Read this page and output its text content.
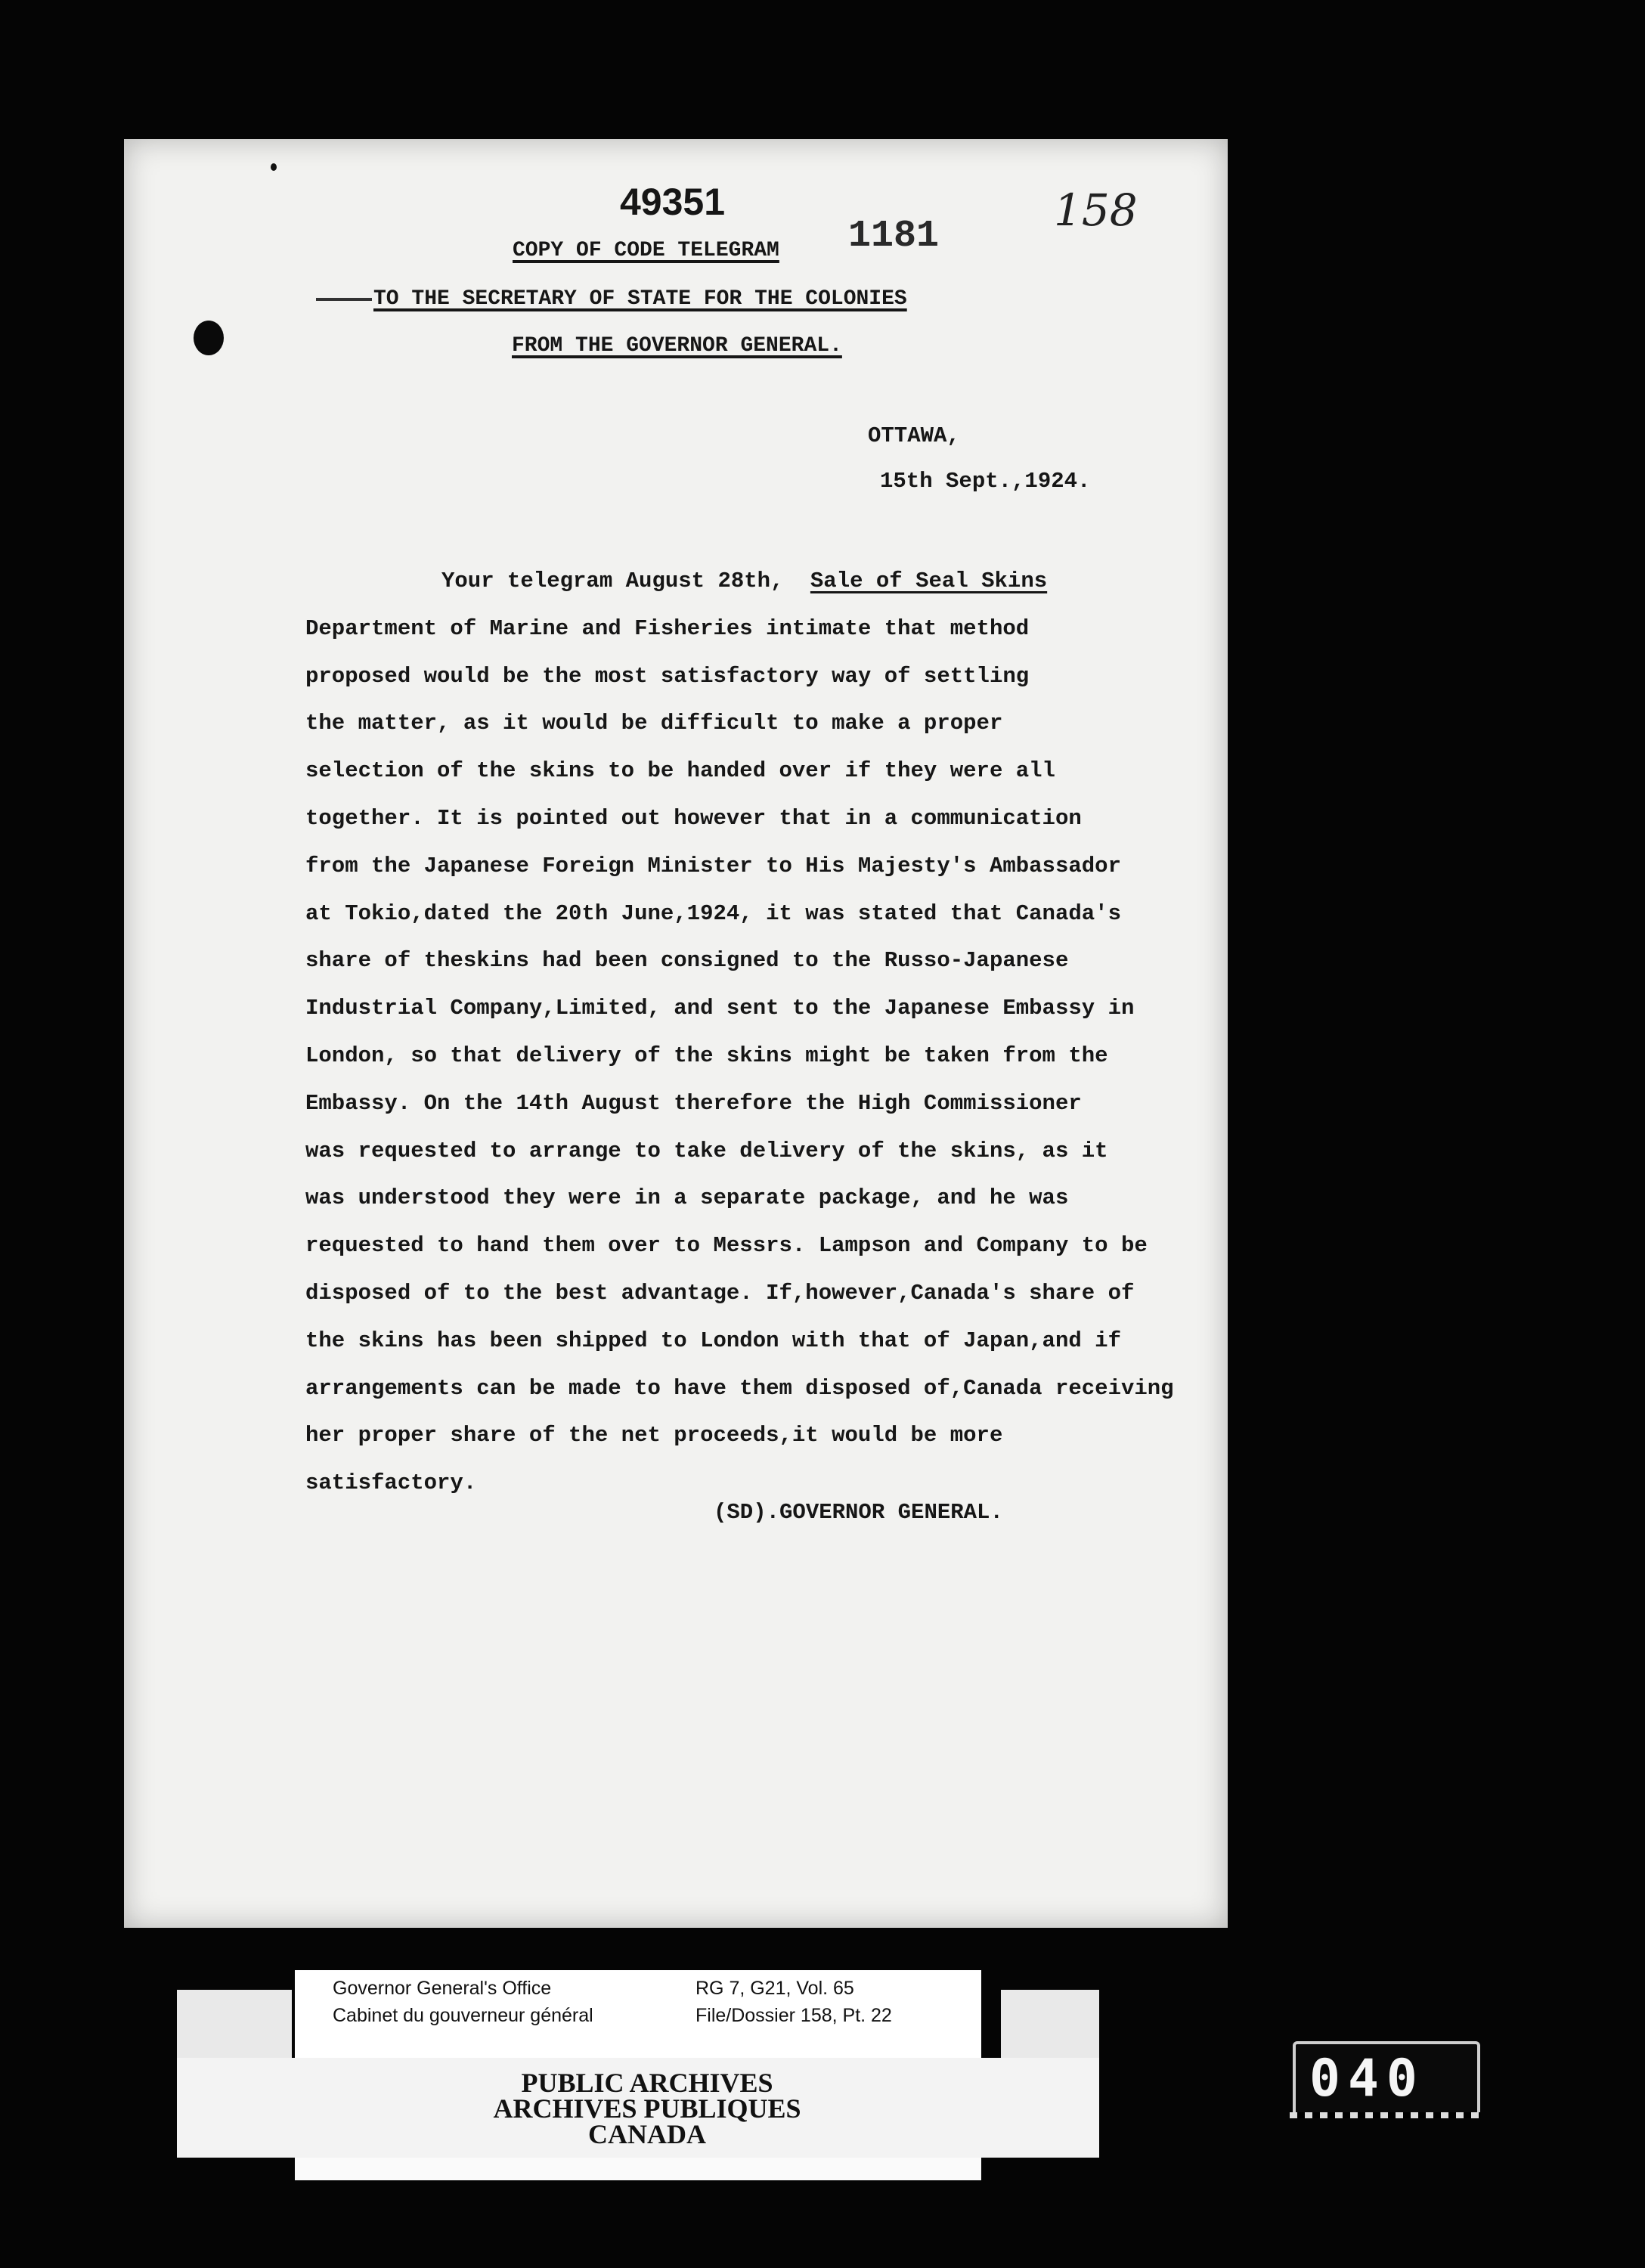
49351
1181
158
COPY OF CODE TELEGRAM
TO THE SECRETARY OF STATE FOR THE COLONIES
FROM THE GOVERNOR GENERAL.
OTTAWA,
15th Sept.,1924.
Your telegram August 28th, Sale of Seal Skins
Department of Marine and Fisheries intimate that method
proposed would be the most satisfactory way of settling
the matter, as it would be difficult to make a proper
selection of the skins to be handed over if they were all
together. It is pointed out however that in a communication
from the Japanese Foreign Minister to His Majesty's Ambassador
at Tokio,dated the 20th June,1924, it was stated that Canada's
share of theskins had been consigned to the Russo-Japanese
Industrial Company,Limited, and sent to the Japanese Embassy in
London, so that delivery of the skins might be taken from the
Embassy. On the 14th August therefore the High Commissioner
was requested to arrange to take delivery of the skins, as it
was understood they were in a separate package, and he was
requested to hand them over to Messrs. Lampson and Company to be
disposed of to the best advantage. If,however,Canada's share of
the skins has been shipped to London with that of Japan,and if
arrangements can be made to have them disposed of,Canada receiving
her proper share of the net proceeds,it would be more
satisfactory.
(SD).GOVERNOR GENERAL.
Governor General's Office
Cabinet du gouverneur général
RG 7, G21, Vol. 65
File/Dossier 158, Pt. 22
PUBLIC ARCHIVES
ARCHIVES PUBLIQUES
CANADA
040
